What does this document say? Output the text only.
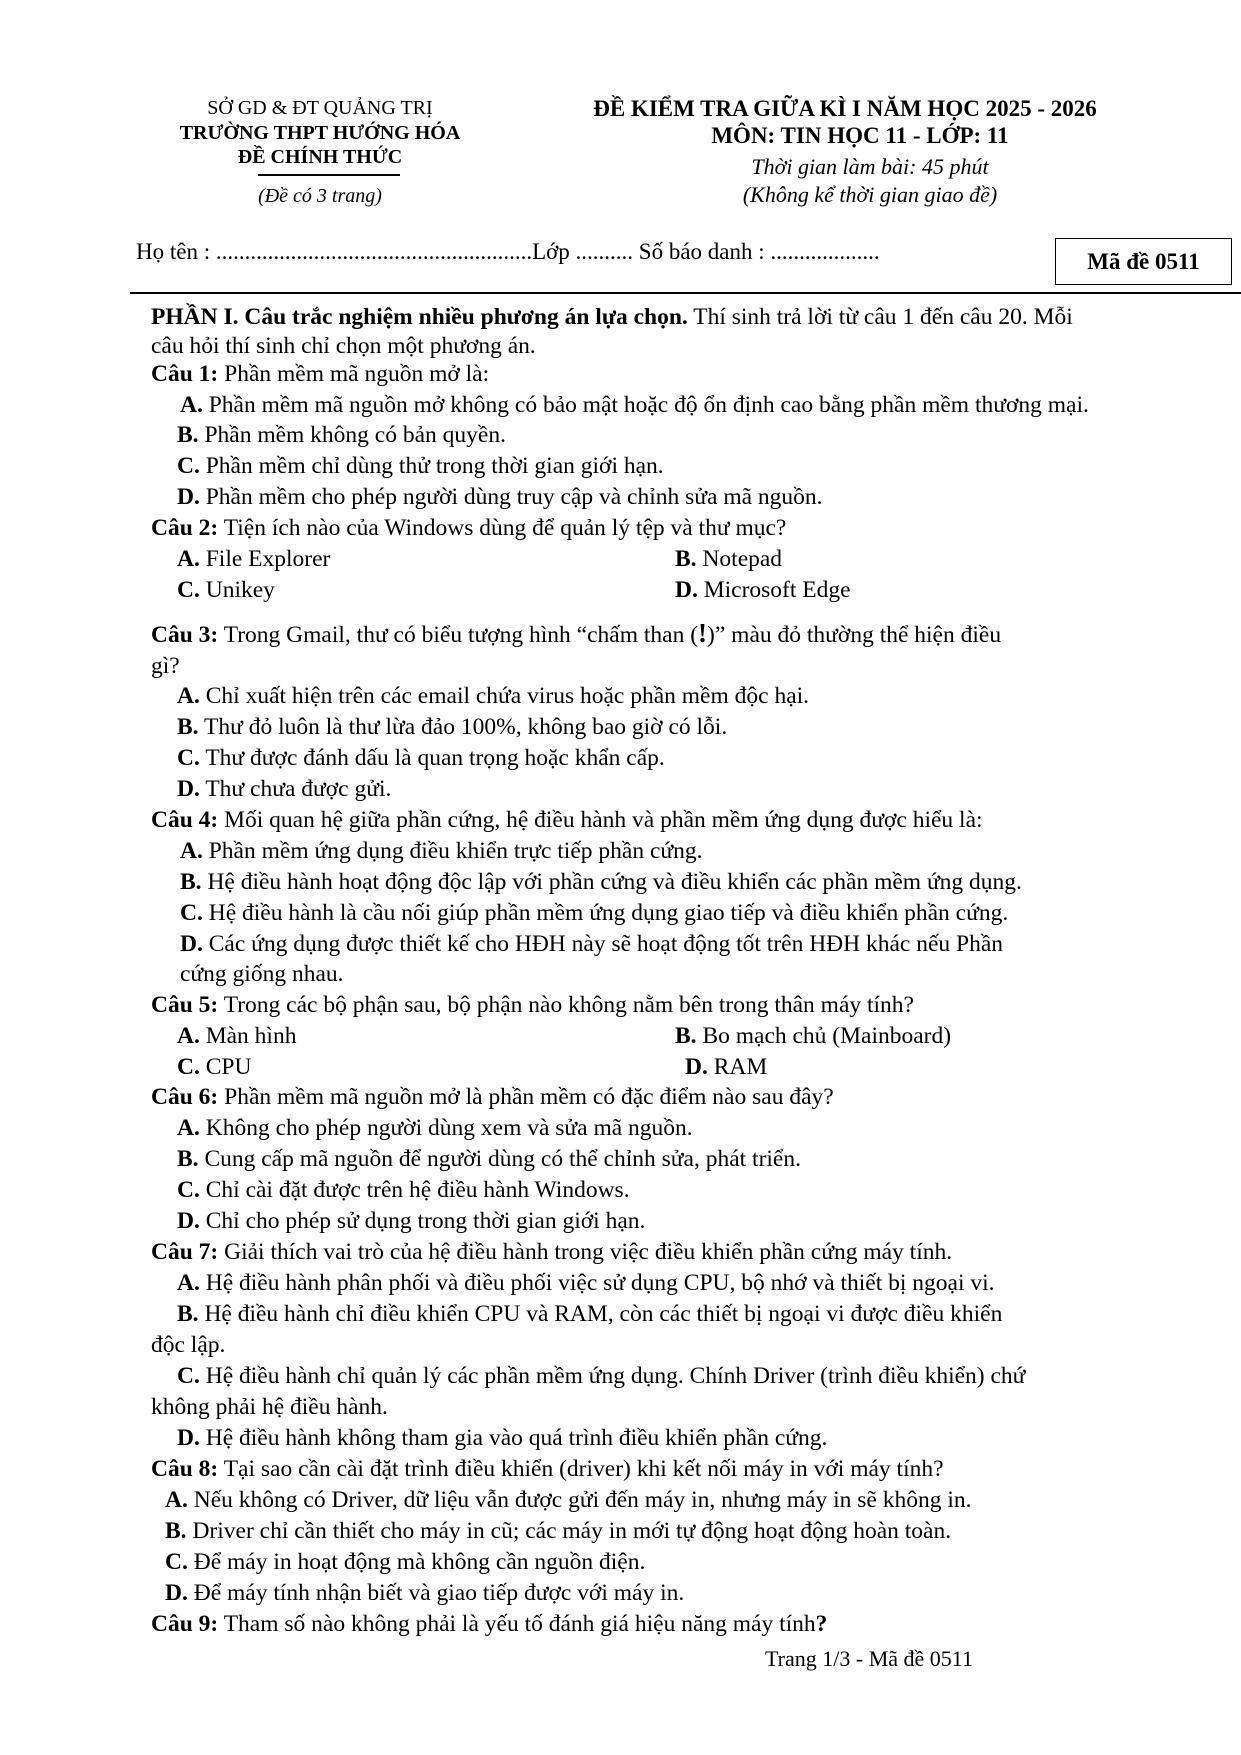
SỞ GD & ĐT QUẢNG TRỊ
TRƯỜNG THPT HƯỚNG HÓA
ĐỀ CHÍNH THỨC
(Đề có 3 trang)
ĐỀ KIỂM TRA GIỮA KÌ I NĂM HỌC 2025 - 2026
MÔN: TIN HỌC 11 - LỚP: 11
Thời gian làm bài: 45 phút
(Không kể thời gian giao đề)
Họ tên : .......................................................Lớp .......... Số báo danh : ...................	Mã đề 0511
PHẦN I. Câu trắc nghiệm nhiều phương án lựa chọn. Thí sinh trả lời từ câu 1 đến câu 20. Mỗi
câu hỏi thí sinh chỉ chọn một phương án.
Câu 1: Phần mềm mã nguồn mở là:
A. Phần mềm mã nguồn mở không có bảo mật hoặc độ ổn định cao bằng phần mềm thương mại.
B. Phần mềm không có bản quyền.
C. Phần mềm chỉ dùng thử trong thời gian giới hạn.
D. Phần mềm cho phép người dùng truy cập và chỉnh sửa mã nguồn.
Câu 2: Tiện ích nào của Windows dùng để quản lý tệp và thư mục?
A. File Explorer	B. Notepad
C. Unikey	D. Microsoft Edge
Câu 3: Trong Gmail, thư có biểu tượng hình “chấm than (!)” màu đỏ thường thể hiện điều
gì?
A. Chỉ xuất hiện trên các email chứa virus hoặc phần mềm độc hại.
B. Thư đỏ luôn là thư lừa đảo 100%, không bao giờ có lỗi.
C. Thư được đánh dấu là quan trọng hoặc khẩn cấp.
D. Thư chưa được gửi.
Câu 4: Mối quan hệ giữa phần cứng, hệ điều hành và phần mềm ứng dụng được hiểu là:
A. Phần mềm ứng dụng điều khiển trực tiếp phần cứng.
B. Hệ điều hành hoạt động độc lập với phần cứng và điều khiển các phần mềm ứng dụng.
C. Hệ điều hành là cầu nối giúp phần mềm ứng dụng giao tiếp và điều khiển phần cứng.
D. Các ứng dụng được thiết kế cho HĐH này sẽ hoạt động tốt trên HĐH khác nếu Phần
cứng giống nhau.
Câu 5: Trong các bộ phận sau, bộ phận nào không nằm bên trong thân máy tính?
A. Màn hình	B. Bo mạch chủ (Mainboard)
C. CPU	D. RAM
Câu 6: Phần mềm mã nguồn mở là phần mềm có đặc điểm nào sau đây?
A. Không cho phép người dùng xem và sửa mã nguồn.
B. Cung cấp mã nguồn để người dùng có thể chỉnh sửa, phát triển.
C. Chỉ cài đặt được trên hệ điều hành Windows.
D. Chỉ cho phép sử dụng trong thời gian giới hạn.
Câu 7: Giải thích vai trò của hệ điều hành trong việc điều khiển phần cứng máy tính.
A. Hệ điều hành phân phối và điều phối việc sử dụng CPU, bộ nhớ và thiết bị ngoại vi.
B. Hệ điều hành chỉ điều khiển CPU và RAM, còn các thiết bị ngoại vi được điều khiển
độc lập.
C. Hệ điều hành chỉ quản lý các phần mềm ứng dụng. Chính Driver (trình điều khiển) chứ
không phải hệ điều hành.
D. Hệ điều hành không tham gia vào quá trình điều khiển phần cứng.
Câu 8: Tại sao cần cài đặt trình điều khiển (driver) khi kết nối máy in với máy tính?
A. Nếu không có Driver, dữ liệu vẫn được gửi đến máy in, nhưng máy in sẽ không in.
B. Driver chỉ cần thiết cho máy in cũ; các máy in mới tự động hoạt động hoàn toàn.
C. Để máy in hoạt động mà không cần nguồn điện.
D. Để máy tính nhận biết và giao tiếp được với máy in.
Câu 9: Tham số nào không phải là yếu tố đánh giá hiệu năng máy tính?
Trang 1/3 - Mã đề 0511
